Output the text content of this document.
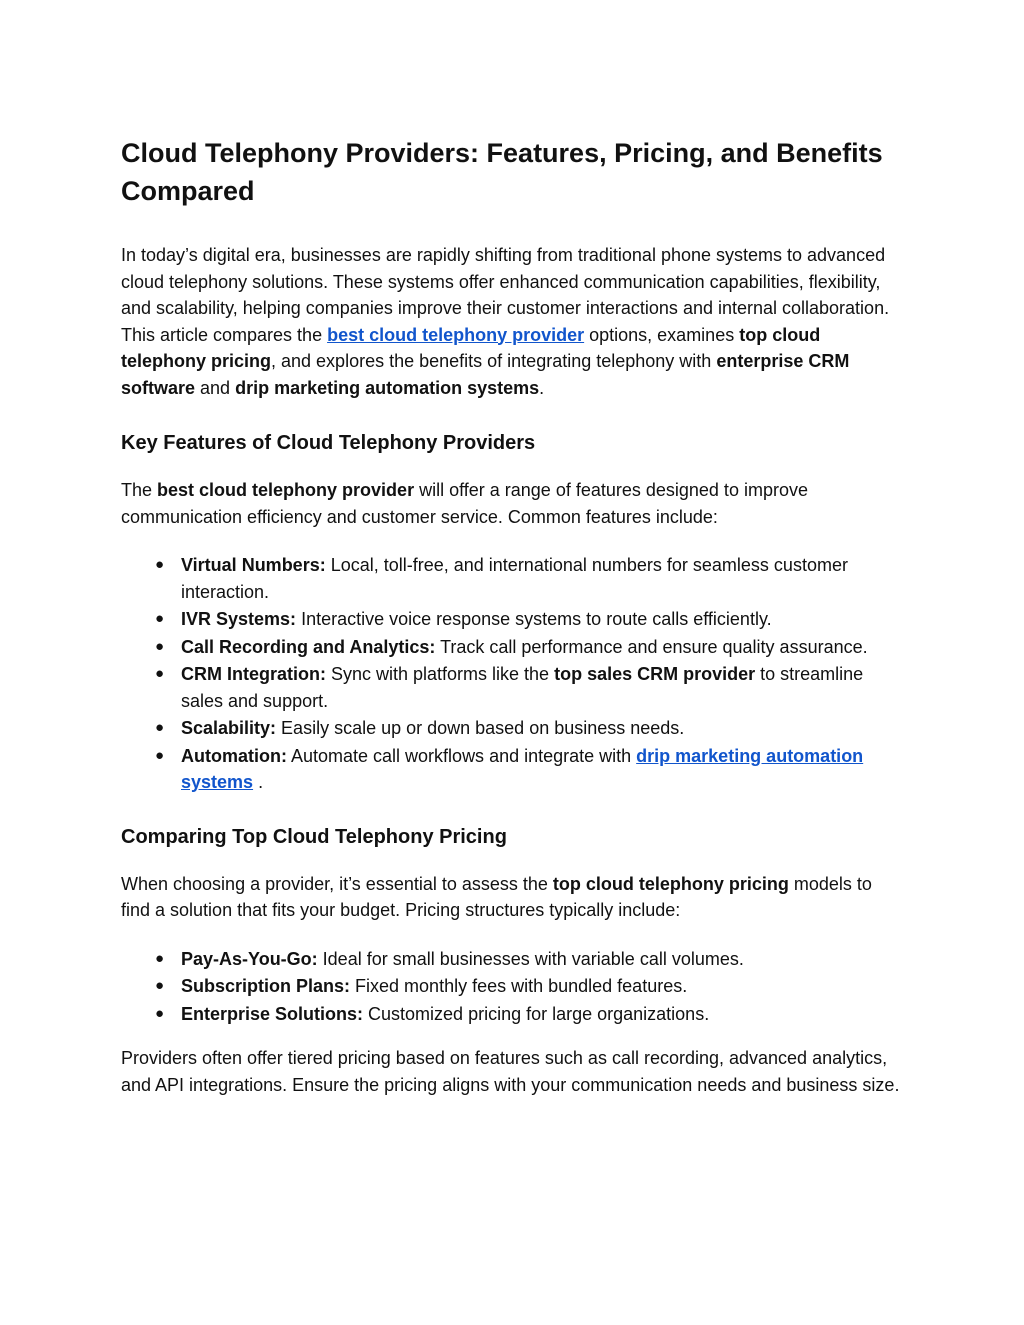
Cloud Telephony Providers: Features, Pricing, and Benefits Compared

In today’s digital era, businesses are rapidly shifting from traditional phone systems to advanced cloud telephony solutions. These systems offer enhanced communication capabilities, flexibility, and scalability, helping companies improve their customer interactions and internal collaboration. This article compares the best cloud telephony provider options, examines top cloud telephony pricing, and explores the benefits of integrating telephony with enterprise CRM software and drip marketing automation systems.

Key Features of Cloud Telephony Providers

The best cloud telephony provider will offer a range of features designed to improve communication efficiency and customer service. Common features include:

● Virtual Numbers: Local, toll-free, and international numbers for seamless customer interaction.
● IVR Systems: Interactive voice response systems to route calls efficiently.
● Call Recording and Analytics: Track call performance and ensure quality assurance.
● CRM Integration: Sync with platforms like the top sales CRM provider to streamline sales and support.
● Scalability: Easily scale up or down based on business needs.
● Automation: Automate call workflows and integrate with drip marketing automation systems .
Comparing Top Cloud Telephony Pricing

When choosing a provider, it’s essential to assess the top cloud telephony pricing models to find a solution that fits your budget. Pricing structures typically include:

● Pay-As-You-Go: Ideal for small businesses with variable call volumes.
● Subscription Plans: Fixed monthly fees with bundled features.
● Enterprise Solutions: Customized pricing for large organizations.

Providers often offer tiered pricing based on features such as call recording, advanced analytics, and API integrations. Ensure the pricing aligns with your communication needs and business size.
